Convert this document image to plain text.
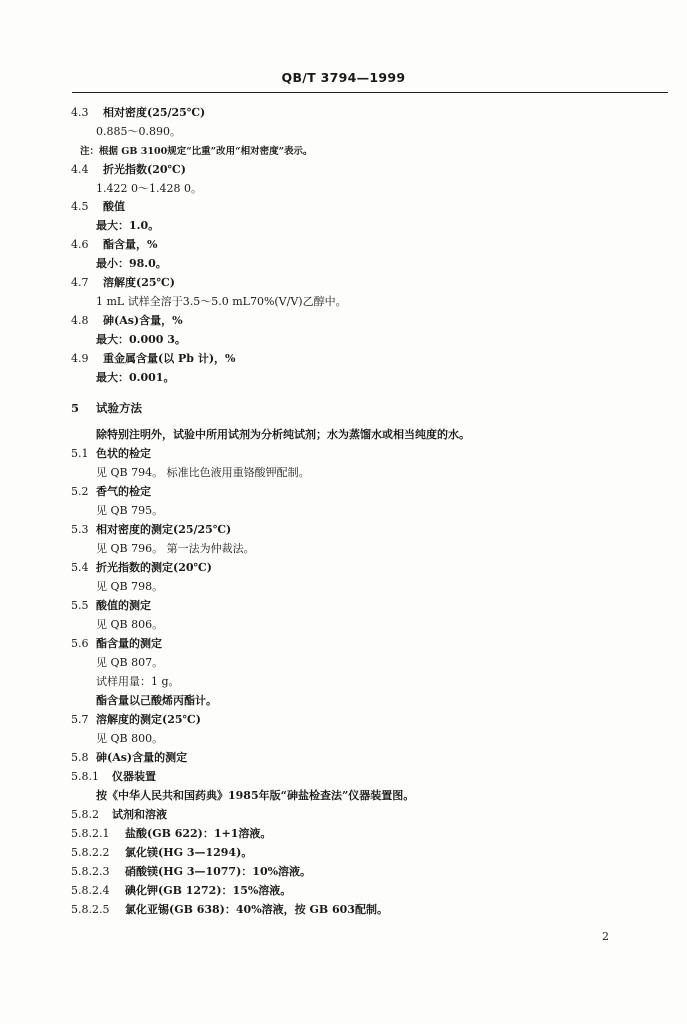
QB/T 3794—1999
4.3 相对密度(25/25℃)
0.885～0.890。
注：根据 GB 3100规定“比重”改用“相对密度”表示。
4.4 折光指数(20℃)
1.422 0～1.428 0。
4.5 酸值
最大：1.0。
4.6 酯含量，%
最小：98.0。
4.7 溶解度(25℃)
1 mL 试样全溶于3.5～5.0 mL70%(V/V)乙醇中。
4.8 砷(As)含量，%
最大：0.000 3。
4.9 重金属含量(以 Pb 计)，%
最大：0.001。
5 试验方法
除特别注明外，试验中所用试剂为分析纯试剂；水为蒸馏水或相当纯度的水。
5.1 色状的检定
见 QB 794。 标准比色液用重铬酸钾配制。
5.2 香气的检定
见 QB 795。
5.3 相对密度的测定(25/25℃)
见 QB 796。 第一法为仲裁法。
5.4 折光指数的测定(20℃)
见 QB 798。
5.5 酸值的测定
见 QB 806。
5.6 酯含量的测定
见 QB 807。
试样用量：1 g。
酯含量以己酸烯丙酯计。
5.7 溶解度的测定(25℃)
见 QB 800。
5.8 砷(As)含量的测定
5.8.1 仪器装置
按《中华人民共和国药典》1985年版“砷盐检查法”仪器装置图。
5.8.2 试剂和溶液
5.8.2.1 盐酸(GB 622)：1+1溶液。
5.8.2.2 氯化镁(HG 3—1294)。
5.8.2.3 硝酸镁(HG 3—1077)：10%溶液。
5.8.2.4 碘化钾(GB 1272)：15%溶液。
5.8.2.5 氯化亚锡(GB 638)：40%溶液，按 GB 603配制。
2
